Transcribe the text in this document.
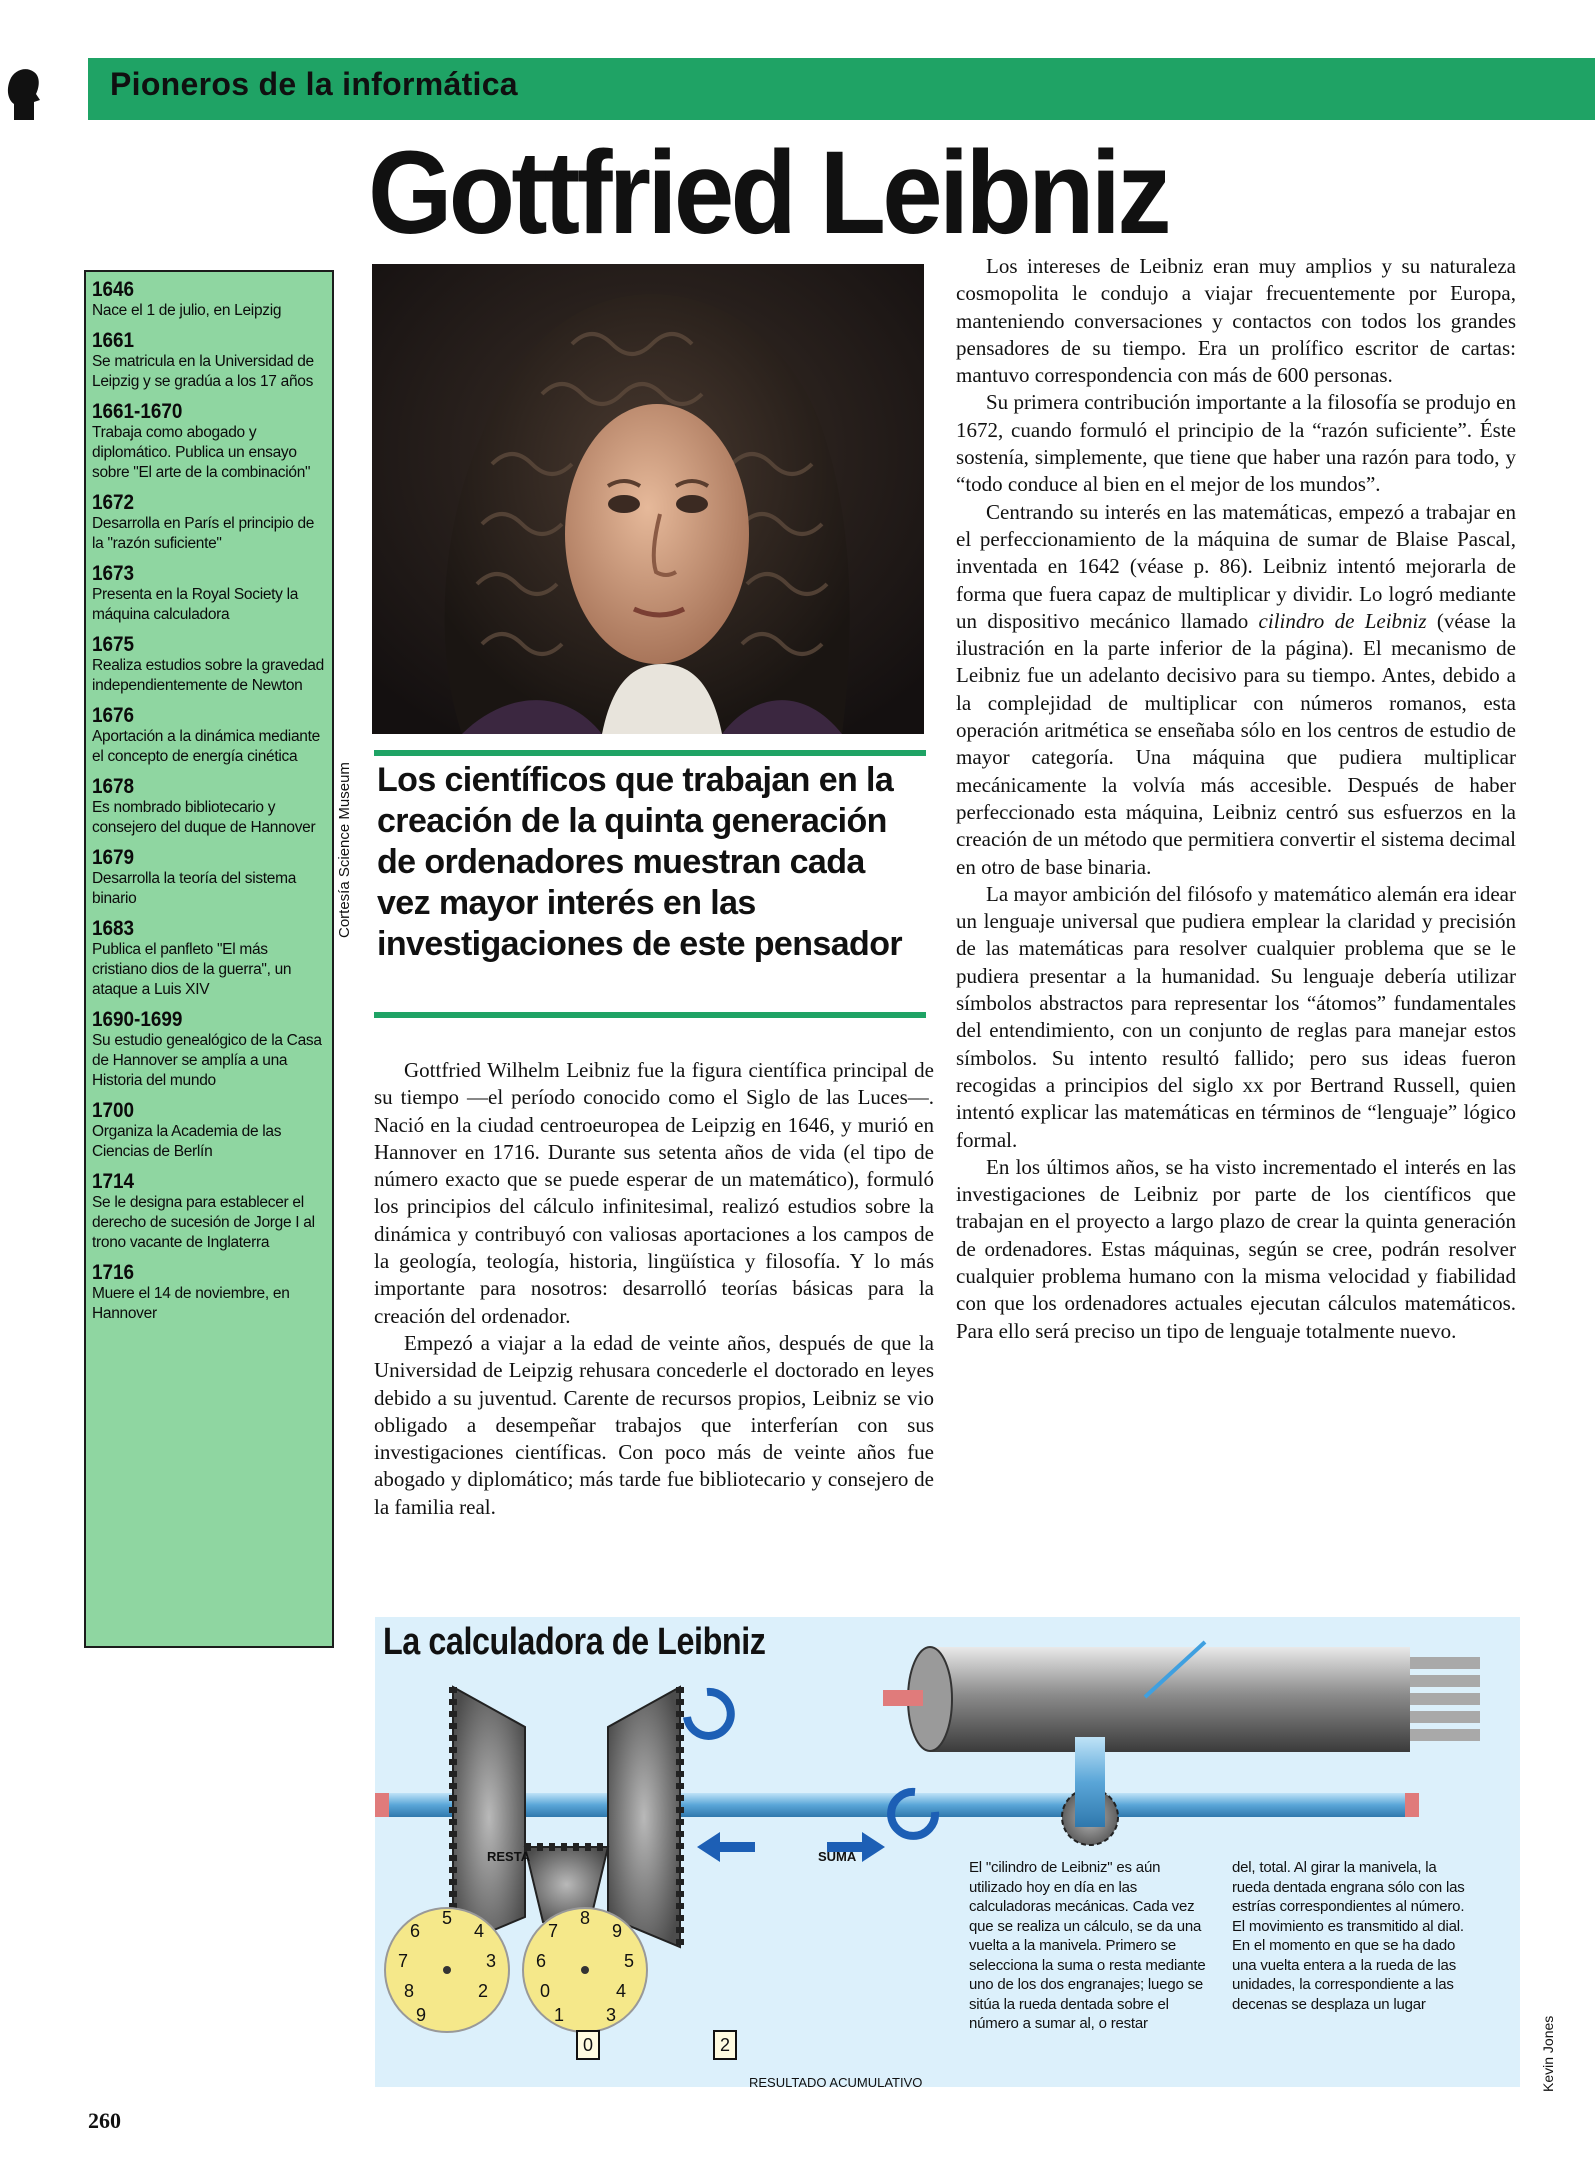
Pioneros de la informática
Gottfried Leibniz
1646
Nace el 1 de julio, en Leipzig
1661
Se matricula en la Universidad de Leipzig y se gradúa a los 17 años
1661-1670
Trabaja como abogado y diplomático. Publica un ensayo sobre "El arte de la combinación"
1672
Desarrolla en París el principio de la "razón suficiente"
1673
Presenta en la Royal Society la máquina calculadora
1675
Realiza estudios sobre la gravedad independientemente de Newton
1676
Aportación a la dinámica mediante el concepto de energía cinética
1678
Es nombrado bibliotecario y consejero del duque de Hannover
1679
Desarrolla la teoría del sistema binario
1683
Publica el panfleto "El más cristiano dios de la guerra", un ataque a Luis XIV
1690-1699
Su estudio genealógico de la Casa de Hannover se amplía a una Historia del mundo
1700
Organiza la Academia de las Ciencias de Berlín
1714
Se le designa para establecer el derecho de sucesión de Jorge I al trono vacante de Inglaterra
1716
Muere el 14 de noviembre, en Hannover
Cortesía Science Museum Los científicos que trabajan en la creación de la quinta generación de ordenadores muestran cada vez mayor interés en las investigaciones de este pensador

Gottfried Wilhelm Leibniz fue la figura científica principal de su tiempo —el período conocido como el Siglo de las Luces—. Nació en la ciudad centroeuropea de Leipzig en 1646, y murió en Hannover en 1716. Durante sus setenta años de vida (el tipo de número exacto que se puede esperar de un matemático), formuló los principios del cálculo infinitesimal, realizó estudios sobre la dinámica y contribuyó con valiosas aportaciones a los campos de la geología, teología, historia, lingüística y filosofía. Y lo más importante para nosotros: desarrolló teorías básicas para la creación del ordenador.

Empezó a viajar a la edad de veinte años, después de que la Universidad de Leipzig rehusara concederle el doctorado en leyes debido a su juventud. Carente de recursos propios, Leibniz se vio obligado a desempeñar trabajos que interferían con sus investigaciones científicas. Con poco más de veinte años fue abogado y diplomático; más tarde fue bibliotecario y consejero de la familia real.

Los intereses de Leibniz eran muy amplios y su naturaleza cosmopolita le condujo a viajar frecuentemente por Europa, manteniendo conversaciones y contactos con todos los grandes pensadores de su tiempo. Era un prolífico escritor de cartas: mantuvo correspondencia con más de 600 personas.

Su primera contribución importante a la filosofía se produjo en 1672, cuando formuló el principio de la “razón suficiente”. Éste sostenía, simplemente, que tiene que haber una razón para todo, y “todo conduce al bien en el mejor de los mundos”.

Centrando su interés en las matemáticas, empezó a trabajar en el perfeccionamiento de la máquina de sumar de Blaise Pascal, inventada en 1642 (véase p. 86). Leibniz intentó mejorarla de forma que fuera capaz de multiplicar y dividir. Lo logró mediante un dispositivo mecánico llamado cilindro de Leibniz (véase la ilustración en la parte inferior de la página). El mecanismo de Leibniz fue un adelanto decisivo para su tiempo. Antes, debido a la complejidad de multiplicar con números romanos, esta operación aritmética se enseñaba sólo en los centros de estudio de mayor categoría. Una máquina que pudiera multiplicar mecánicamente la volvía más accesible. Después de haber perfeccionado esta máquina, Leibniz centró sus esfuerzos en la creación de un método que permitiera convertir el sistema decimal en otro de base binaria.

La mayor ambición del filósofo y matemático alemán era idear un lenguaje universal que pudiera emplear la claridad y precisión de las matemáticas para resolver cualquier problema que se le pudiera presentar a la humanidad. Su lenguaje debería utilizar símbolos abstractos para representar los “átomos” fundamentales del entendimiento, con un conjunto de reglas para manejar estos símbolos. Su intento resultó fallido; pero sus ideas fueron recogidas a principios del siglo xx por Bertrand Russell, quien intentó explicar las matemáticas en términos de “lenguaje” lógico formal.

En los últimos años, se ha visto incrementado el interés en las investigaciones de Leibniz por parte de los científicos que trabajan en el proyecto a largo plazo de crear la quinta generación de ordenadores. Estas máquinas, según se cree, podrán resolver cualquier problema humano con la misma velocidad y fiabilidad con que los ordenadores actuales ejecutan cálculos matemáticos. Para ello será preciso un tipo de lenguaje totalmente nuevo.

5
4
3
2
6
7
8
9
8
9
5
4
7
6
0
1 3
La calculadora de Leibniz
RESTA	SUMA
RESULTADO ACUMULATIVO
0	2
El "cilindro de Leibniz" es aún utilizado hoy en día en las calculadoras mecánicas. Cada vez que se realiza un cálculo, se da una vuelta a la manivela. Primero se selecciona la suma o resta mediante uno de los dos engranajes; luego se sitúa la rueda dentada sobre el número a sumar al, o restar
del, total. Al girar la manivela, la rueda dentada engrana sólo con las estrías correspondientes al número. El movimiento es transmitido al dial. En el momento en que se ha dado una vuelta entera a la rueda de las unidades, la correspondiente a las decenas se desplaza un lugar
Kevin Jones
260
